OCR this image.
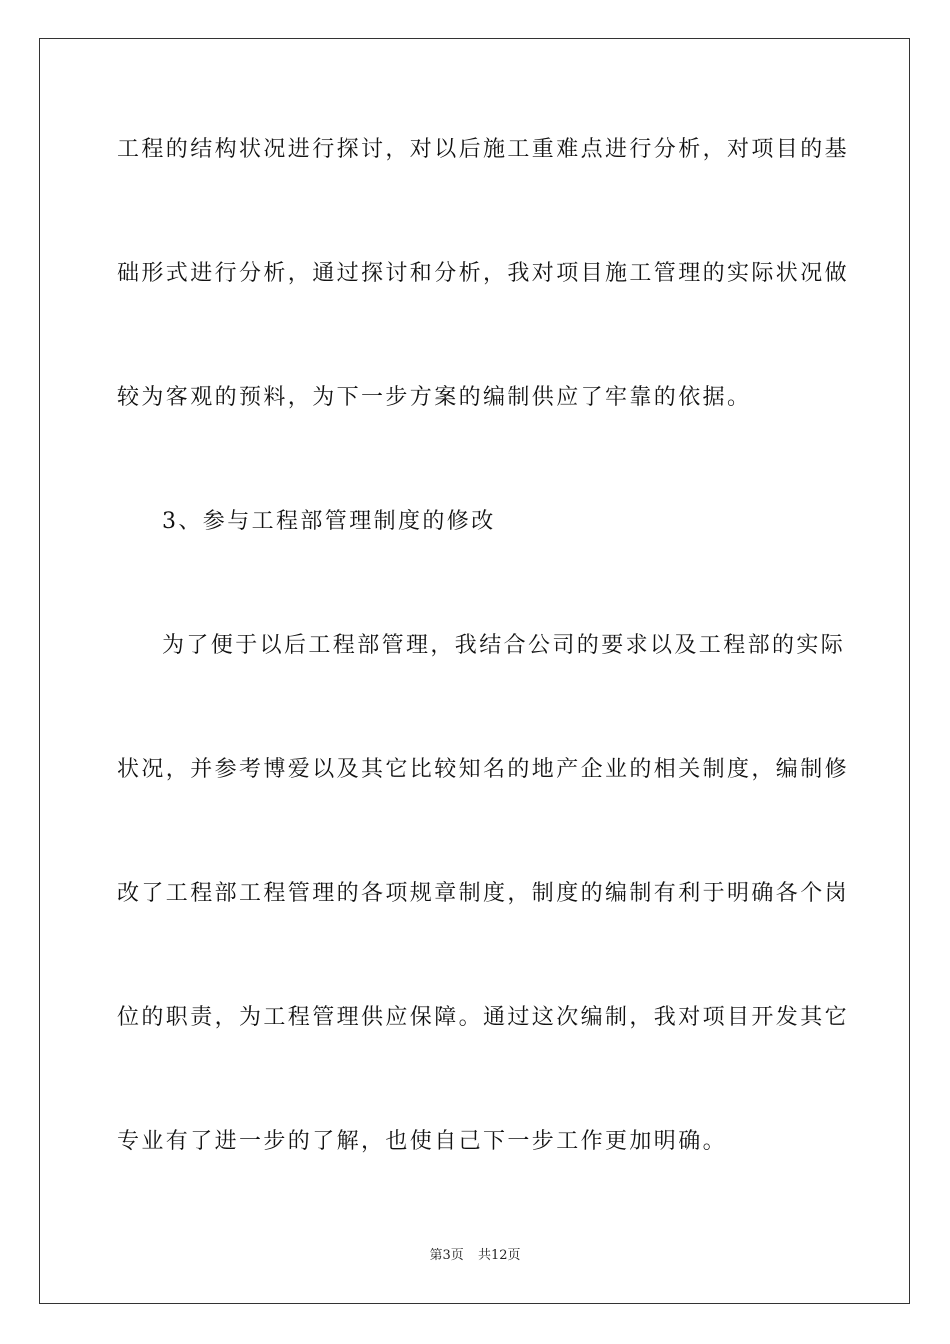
工程的结构状况进行探讨，对以后施工重难点进行分析，对项目的基
础形式进行分析，通过探讨和分析，我对项目施工管理的实际状况做
较为客观的预料，为下一步方案的编制供应了牢靠的依据。
3、参与工程部管理制度的修改
为了便于以后工程部管理，我结合公司的要求以及工程部的实际
状况，并参考博爱以及其它比较知名的地产企业的相关制度，编制修
改了工程部工程管理的各项规章制度，制度的编制有利于明确各个岗
位的职责，为工程管理供应保障。通过这次编制，我对项目开发其它
专业有了进一步的了解，也使自己下一步工作更加明确。
第3页 共12页
